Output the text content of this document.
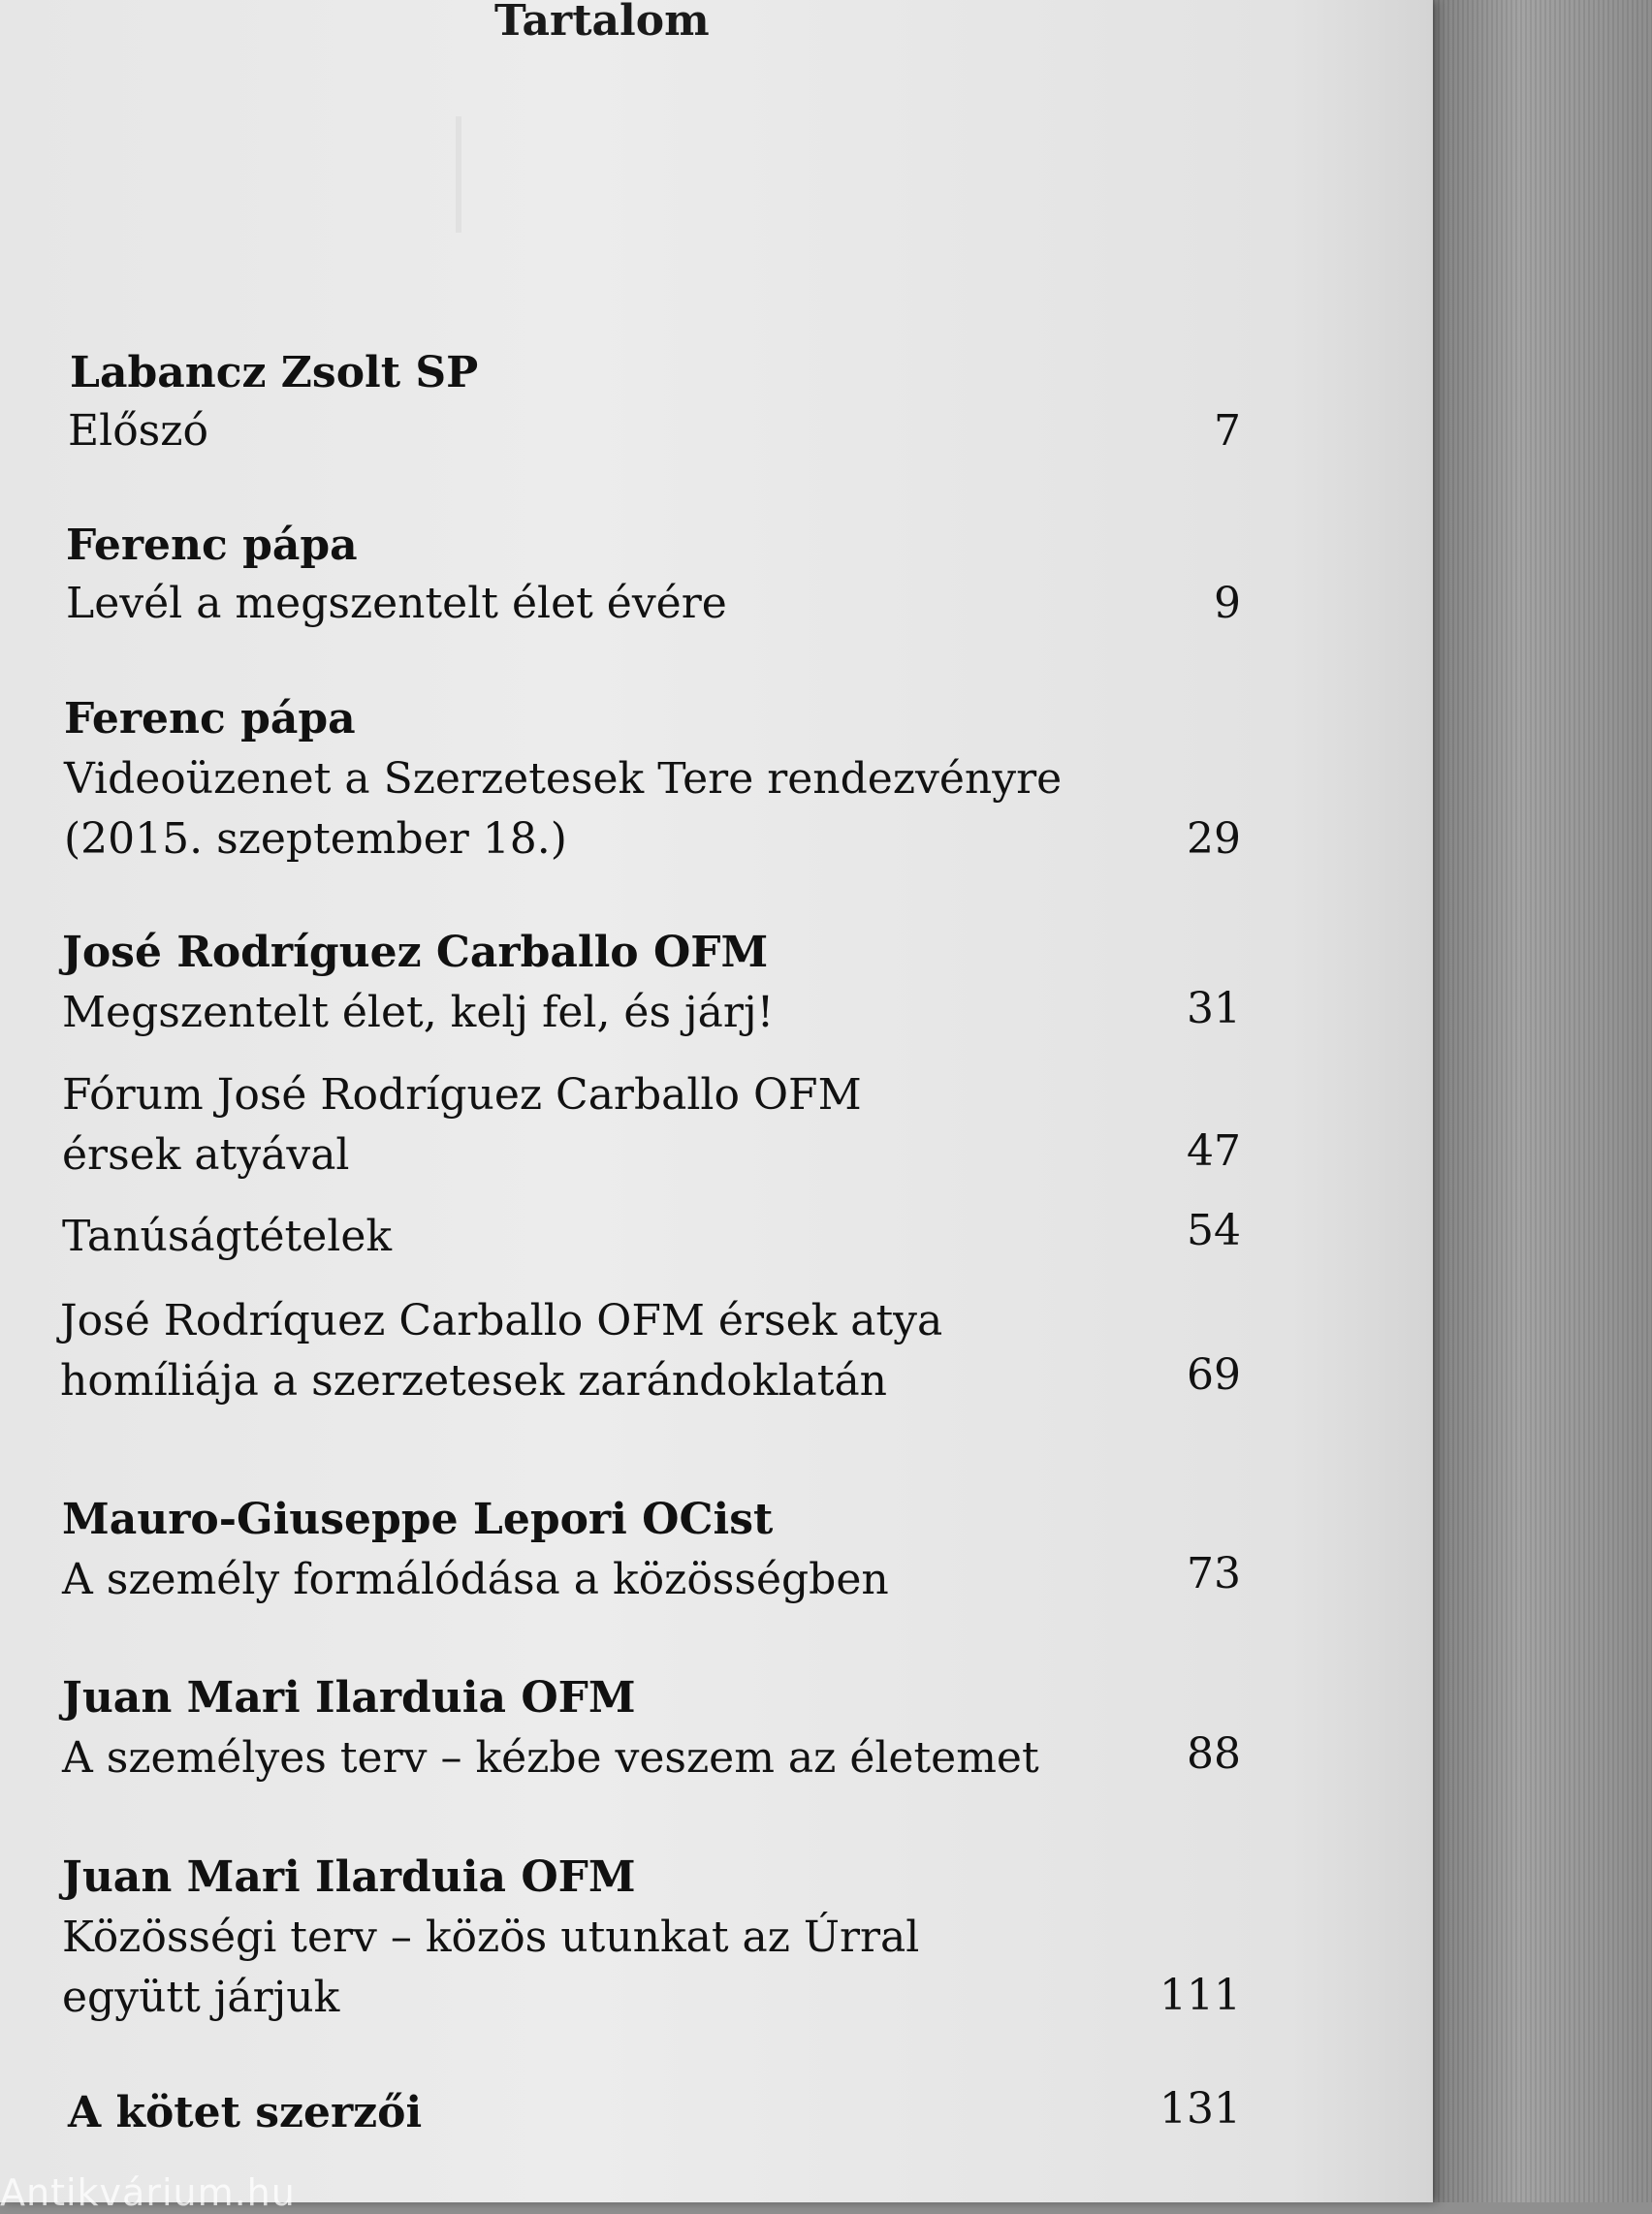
Tartalom
Labancz Zsolt SP
Előszó	7
Ferenc pápa
Levél a megszentelt élet évére	9
Ferenc pápa
Videoüzenet a Szerzetesek Tere rendezvényre
(2015. szeptember 18.)	29
José Rodríguez Carballo OFM
Megszentelt élet, kelj fel, és járj!	31
Fórum José Rodríguez Carballo OFM
érsek atyával	47
Tanúságtételek	54
José Rodríquez Carballo OFM érsek atya
homíliája a szerzetesek zarándoklatán	69
Mauro-Giuseppe Lepori OCist
A személy formálódása a közösségben	73
Juan Mari Ilarduia OFM
A személyes terv – kézbe veszem az életemet	88
Juan Mari Ilarduia OFM
Közösségi terv – közös utunkat az Úrral
együtt járjuk	111
A kötet szerzői	131
Antikvárium.hu
